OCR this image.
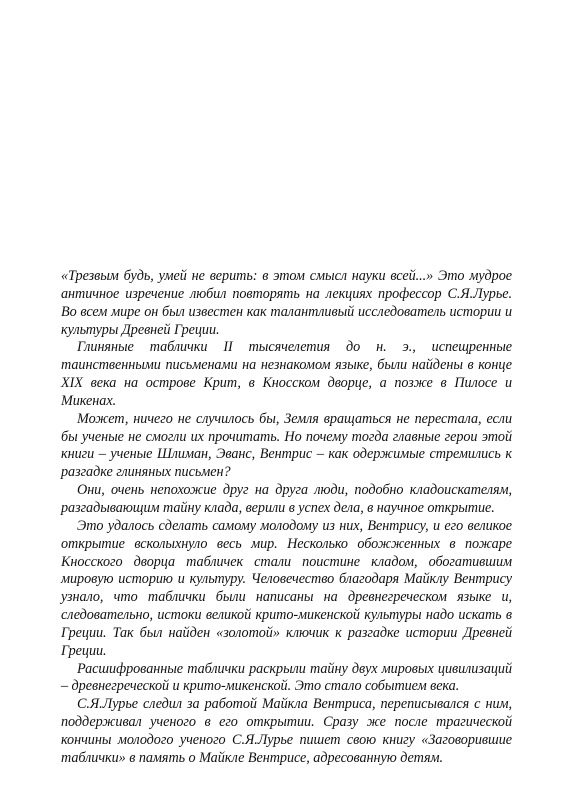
«Трезвым будь, умей не верить: в этом смысл науки всей...» Это мудрое античное изречение любил повторять на лекциях профессор С.Я.Лурье. Во всем мире он был известен как талантливый исследователь истории и культуры Древней Греции.

Глиняные таблички II тысячелетия до н. э., испещренные таинственными письменами на незнакомом языке, были найдены в конце XIX века на острове Крит, в Кносском дворце, а позже в Пилосе и Микенах.

Может, ничего не случилось бы, Земля вращаться не перестала, если бы ученые не смогли их прочитать. Но почему тогда главные герои этой книги – ученые Шлиман, Эванс, Вентрис – как одержимые стремились к разгадке глиняных письмен?

Они, очень непохожие друг на друга люди, подобно кладоискателям, разгадывающим тайну клада, верили в успех дела, в научное открытие.

Это удалось сделать самому молодому из них, Вентрису, и его великое открытие всколыхнуло весь мир. Несколько обожженных в пожаре Кносского дворца табличек стали поистине кладом, обогатившим мировую историю и культуру. Человечество благодаря Майклу Вентрису узнало, что таблички были написаны на древнегреческом языке и, следовательно, истоки великой крито-микенской культуры надо искать в Греции. Так был найден «золотой» ключик к разгадке истории Древней Греции.

Расшифрованные таблички раскрыли тайну двух мировых цивилизаций – древнегреческой и крито-микенской. Это стало событием века.

С.Я.Лурье следил за работой Майкла Вентриса, переписывался с ним, поддерживал ученого в его открытии. Сразу же после трагической кончины молодого ученого С.Я.Лурье пишет свою книгу «Заговорившие таблички» в память о Майкле Вентрисе, адресованную детям.
